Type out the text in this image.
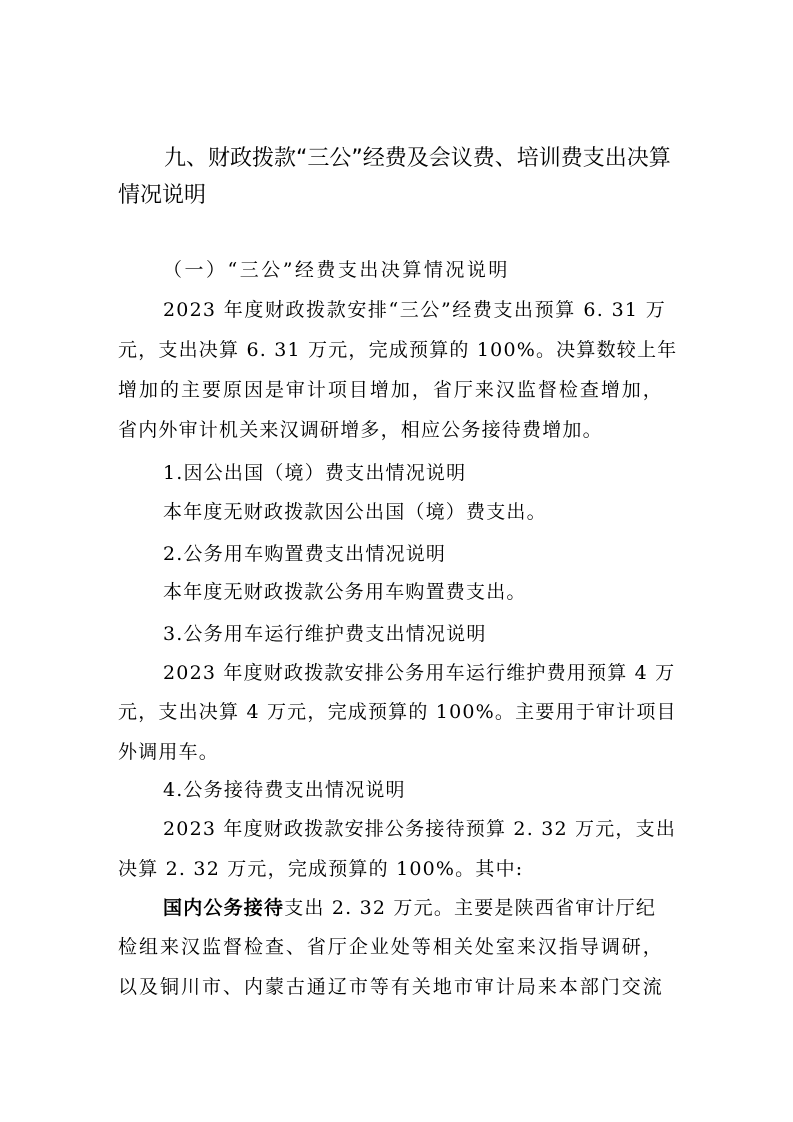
九、财政拨款“三公”经费及会议费、培训费支出决算
情况说明
（一）“三公”经费支出决算情况说明
2023 年度财政拨款安排“三公”经费支出预算 6. 31 万
元，支出决算 6. 31 万元，完成预算的 100%。决算数较上年
增加的主要原因是审计项目增加，省厅来汉监督检查增加，
省内外审计机关来汉调研增多，相应公务接待费增加。
1.因公出国（境）费支出情况说明
本年度无财政拨款因公出国（境）费支出。
2.公务用车购置费支出情况说明
本年度无财政拨款公务用车购置费支出。
3.公务用车运行维护费支出情况说明
2023 年度财政拨款安排公务用车运行维护费用预算 4 万
元，支出决算 4 万元，完成预算的 100%。主要用于审计项目
外调用车。
4.公务接待费支出情况说明
2023 年度财政拨款安排公务接待预算 2. 32 万元，支出
决算 2. 32 万元，完成预算的 100%。其中:
国内公务接待支出 2. 32 万元。主要是陕西省审计厅纪
检组来汉监督检查、省厅企业处等相关处室来汉指导调研，
以及铜川市、内蒙古通辽市等有关地市审计局来本部门交流
